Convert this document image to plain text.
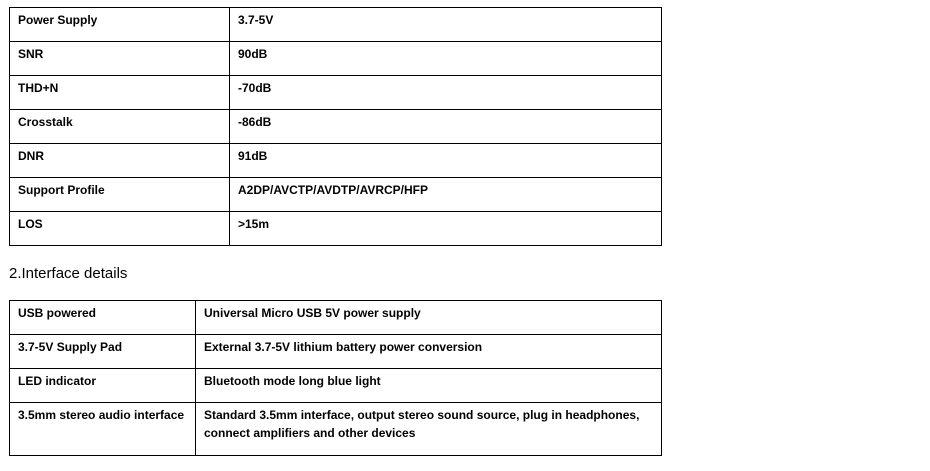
Power Supply	3.7-5V
SNR	90dB
THD+N	-70dB
Crosstalk	-86dB
DNR	91dB
Support Profile	A2DP/AVCTP/AVDTP/AVRCP/HFP
LOS	>15m
2.Interface details
USB powered	Universal Micro USB 5V power supply
3.7-5V Supply Pad	External 3.7-5V lithium battery power conversion
LED indicator	Bluetooth mode long blue light
3.5mm stereo audio interface	Standard 3.5mm interface, output stereo sound source, plug in headphones, connect amplifiers and other devices
